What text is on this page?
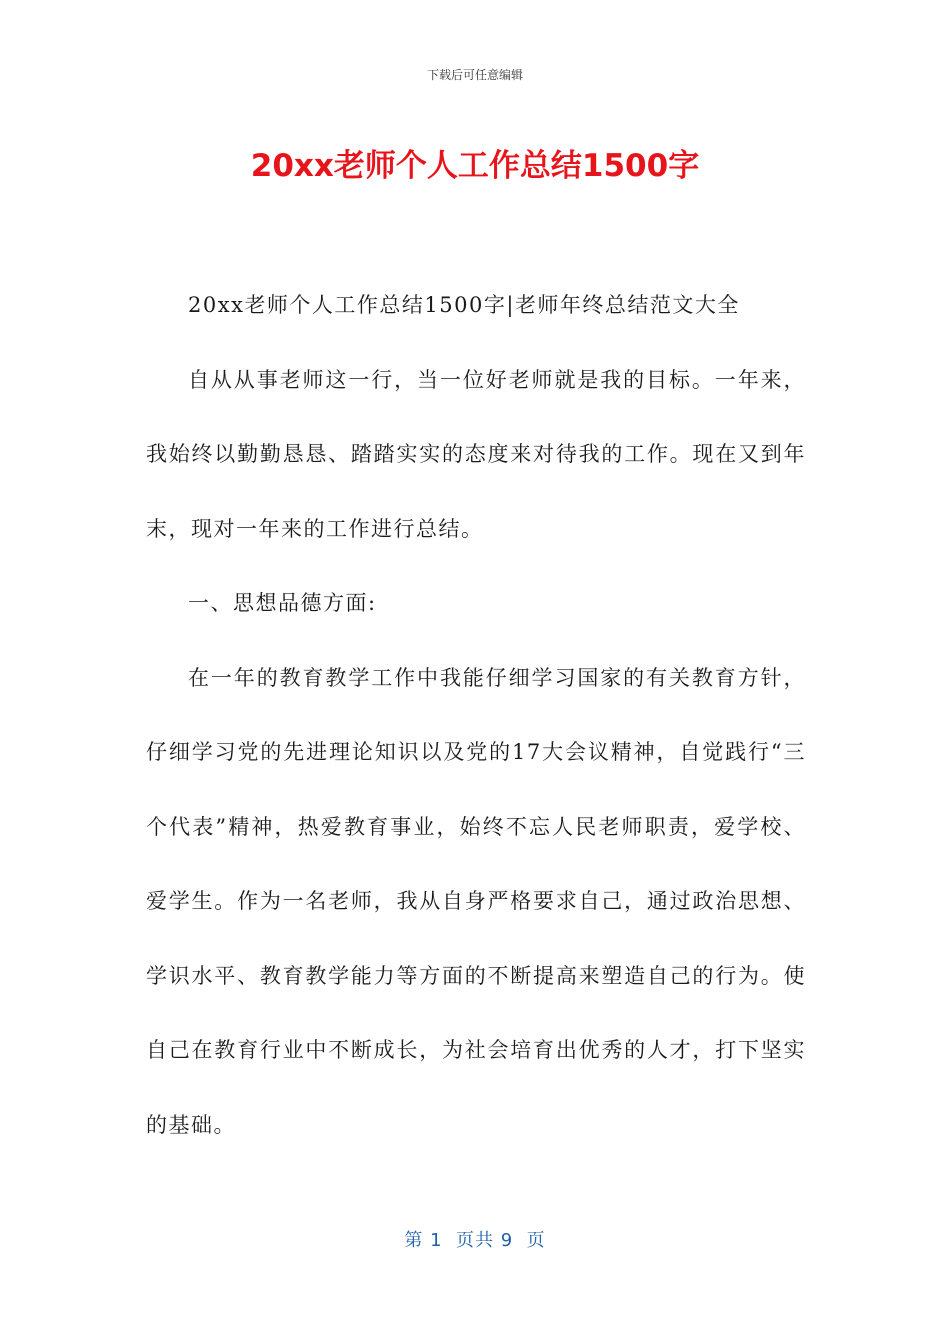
下载后可任意编辑
20xx老师个人工作总结1500字

20xx老师个人工作总结1500字|老师年终总结范文大全

自从从事老师这一行，当一位好老师就是我的目标。一年来，我始终以勤勤恳恳、踏踏实实的态度来对待我的工作。现在又到年末，现对一年来的工作进行总结。

一、思想品德方面:

在一年的教育教学工作中我能仔细学习国家的有关教育方针，仔细学习党的先进理论知识以及党的17大会议精神，自觉践行“三个代表”精神，热爱教育事业，始终不忘人民老师职责，爱学校、爱学生。作为一名老师，我从自身严格要求自己，通过政治思想、学识水平、教育教学能力等方面的不断提高来塑造自己的行为。使自己在教育行业中不断成长，为社会培育出优秀的人才，打下坚实的基础。

第 1  页共 9  页
